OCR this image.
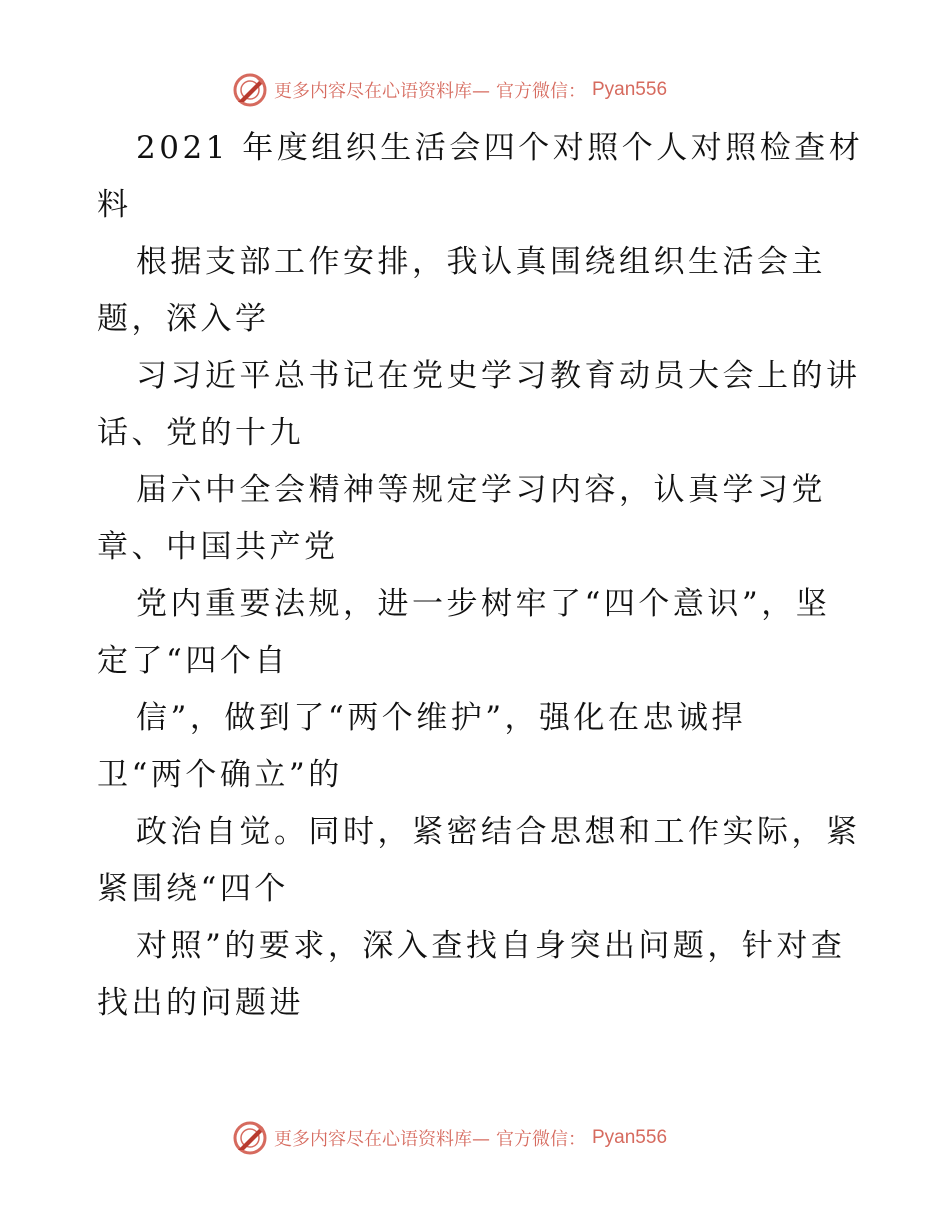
更多内容尽在心语资料库— 官方微信： Pyan556
2021 年度组织生活会四个对照个人对照检查材
料
根据支部工作安排，我认真围绕组织生活会主
题，深入学
习习近平总书记在党史学习教育动员大会上的讲
话、党的十九
届六中全会精神等规定学习内容，认真学习党
章、中国共产党
党内重要法规，进一步树牢了“四个意识”，坚
定了“四个自
信”，做到了“两个维护”，强化在忠诚捍
卫“两个确立”的
政治自觉。同时，紧密结合思想和工作实际，紧
紧围绕“四个
对照”的要求，深入查找自身突出问题，针对查
找出的问题进
更多内容尽在心语资料库— 官方微信： Pyan556
